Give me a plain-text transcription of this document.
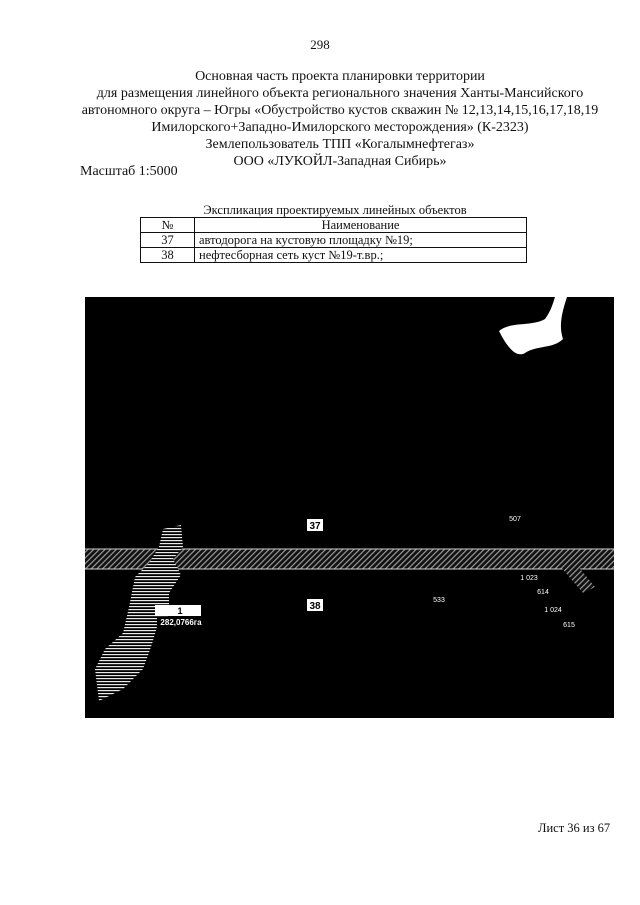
298
Основная часть проекта планировки территории
для размещения линейного объекта регионального значения Ханты-Мансийского
автономного округа – Югры «Обустройство кустов скважин № 12,13,14,15,16,17,18,19
Имилорского+Западно-Имилорского месторождения» (К-2323)
Землепользователь ТПП «Когалымнефтегаз»
ООО «ЛУКОЙЛ-Западная Сибирь»
Масштаб 1:5000
Экспликация проектируемых линейных объектов
№	Наименование
37	автодорога на кустовую площадку №19;
38	нефтесборная сеть куст №19-т.вр.;
1
282,0766га
37
38
507
1 023
614
1 024
615
533
Лист 36 из 67
